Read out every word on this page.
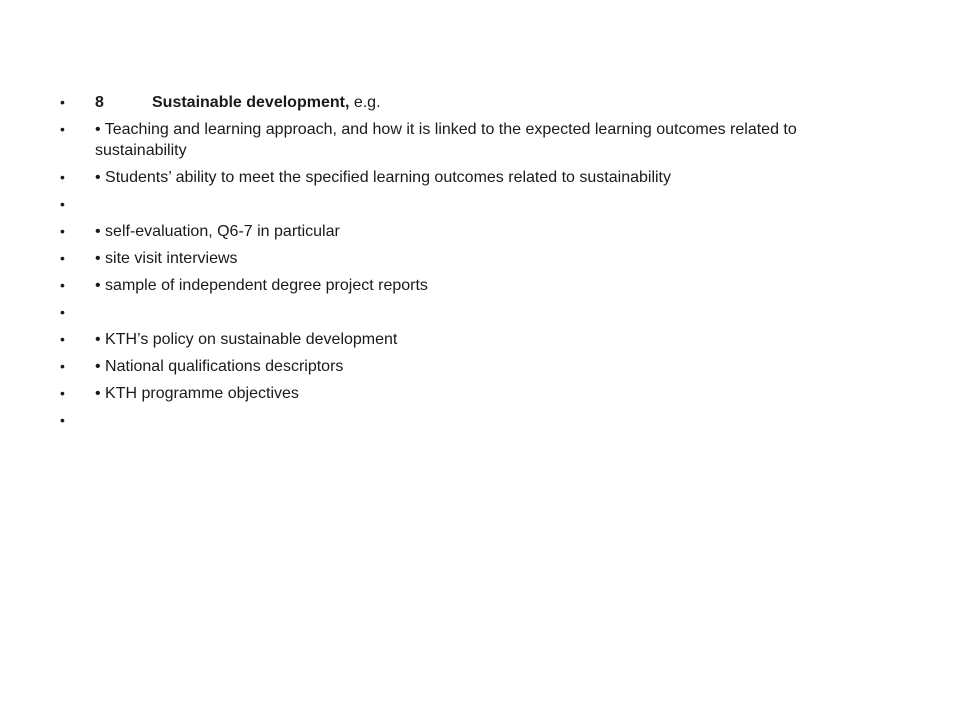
•	8	Sustainable development, e.g.
•	• Teaching and learning approach, and how it is linked to the expected learning outcomes related to sustainability
•	• Students’ ability to meet the specified learning outcomes related to sustainability
•
•	• self-evaluation, Q6-7 in particular
•	• site visit interviews
•	• sample of independent degree project reports
•
•	• KTH’s policy on sustainable development
•	• National qualifications descriptors
•	• KTH programme objectives
•
